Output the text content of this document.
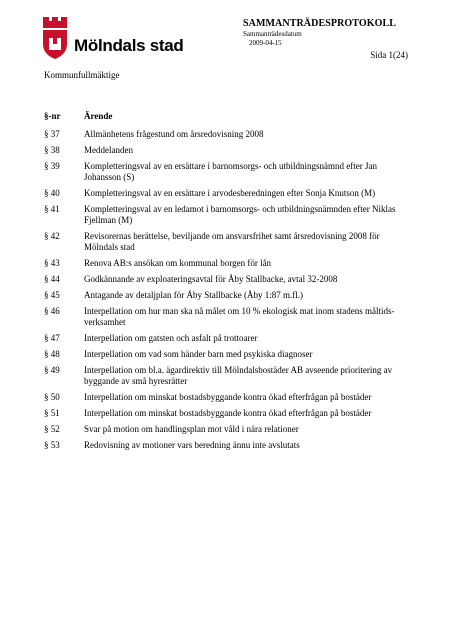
Mölndals stad
SAMMANTRÄDESPROTOKOLL
Sammanträdesdatum
2009-04-15
Sida 1(24)
Kommunfullmäktige
§-nr	Ärende
§ 37	Allmänhetens frågestund om årsredovisning 2008
§ 38	Meddelanden
§ 39	Kompletteringsval av en ersättare i barnomsorgs- och utbildningsnämnd efter Jan Johansson (S)
§ 40	Kompletteringsval av en ersättare i arvodesberedningen efter Sonja Knutson (M)
§ 41	Kompletteringsval av en ledamot i barnomsorgs- och utbildningsnämnden efter Niklas Fjellman (M)
§ 42	Revisorernas berättelse, beviljande om ansvarsfrihet samt årsredovisning 2008 för Mölndals stad
§ 43	Renova AB:s ansökan om kommunal borgen för lån
§ 44	Godkännande av exploateringsavtal för Åby Stallbacke, avtal 32-2008
§ 45	Antagande av detaljplan för Åby Stallbacke (Åby 1:87 m.fl.)
§ 46	Interpellation om hur man ska nå målet om 10 % ekologisk mat inom stadens måltids-verksamhet
§ 47	Interpellation om gatsten och asfalt på trottoarer
§ 48	Interpellation om vad som händer barn med psykiska diagnoser
§ 49	Interpellation om bl.a. ägardirektiv till Mölndalsbostäder AB avseende prioritering av byggande av små hyresrätter
§ 50	Interpellation om minskat bostadsbyggande kontra ökad efterfrågan på bostäder
§ 51	Interpellation om minskat bostadsbyggande kontra ökad efterfrågan på bostäder
§ 52	Svar på motion om handlingsplan mot våld i nära relationer
§ 53	Redovisning av motioner vars beredning ännu inte avslutats
